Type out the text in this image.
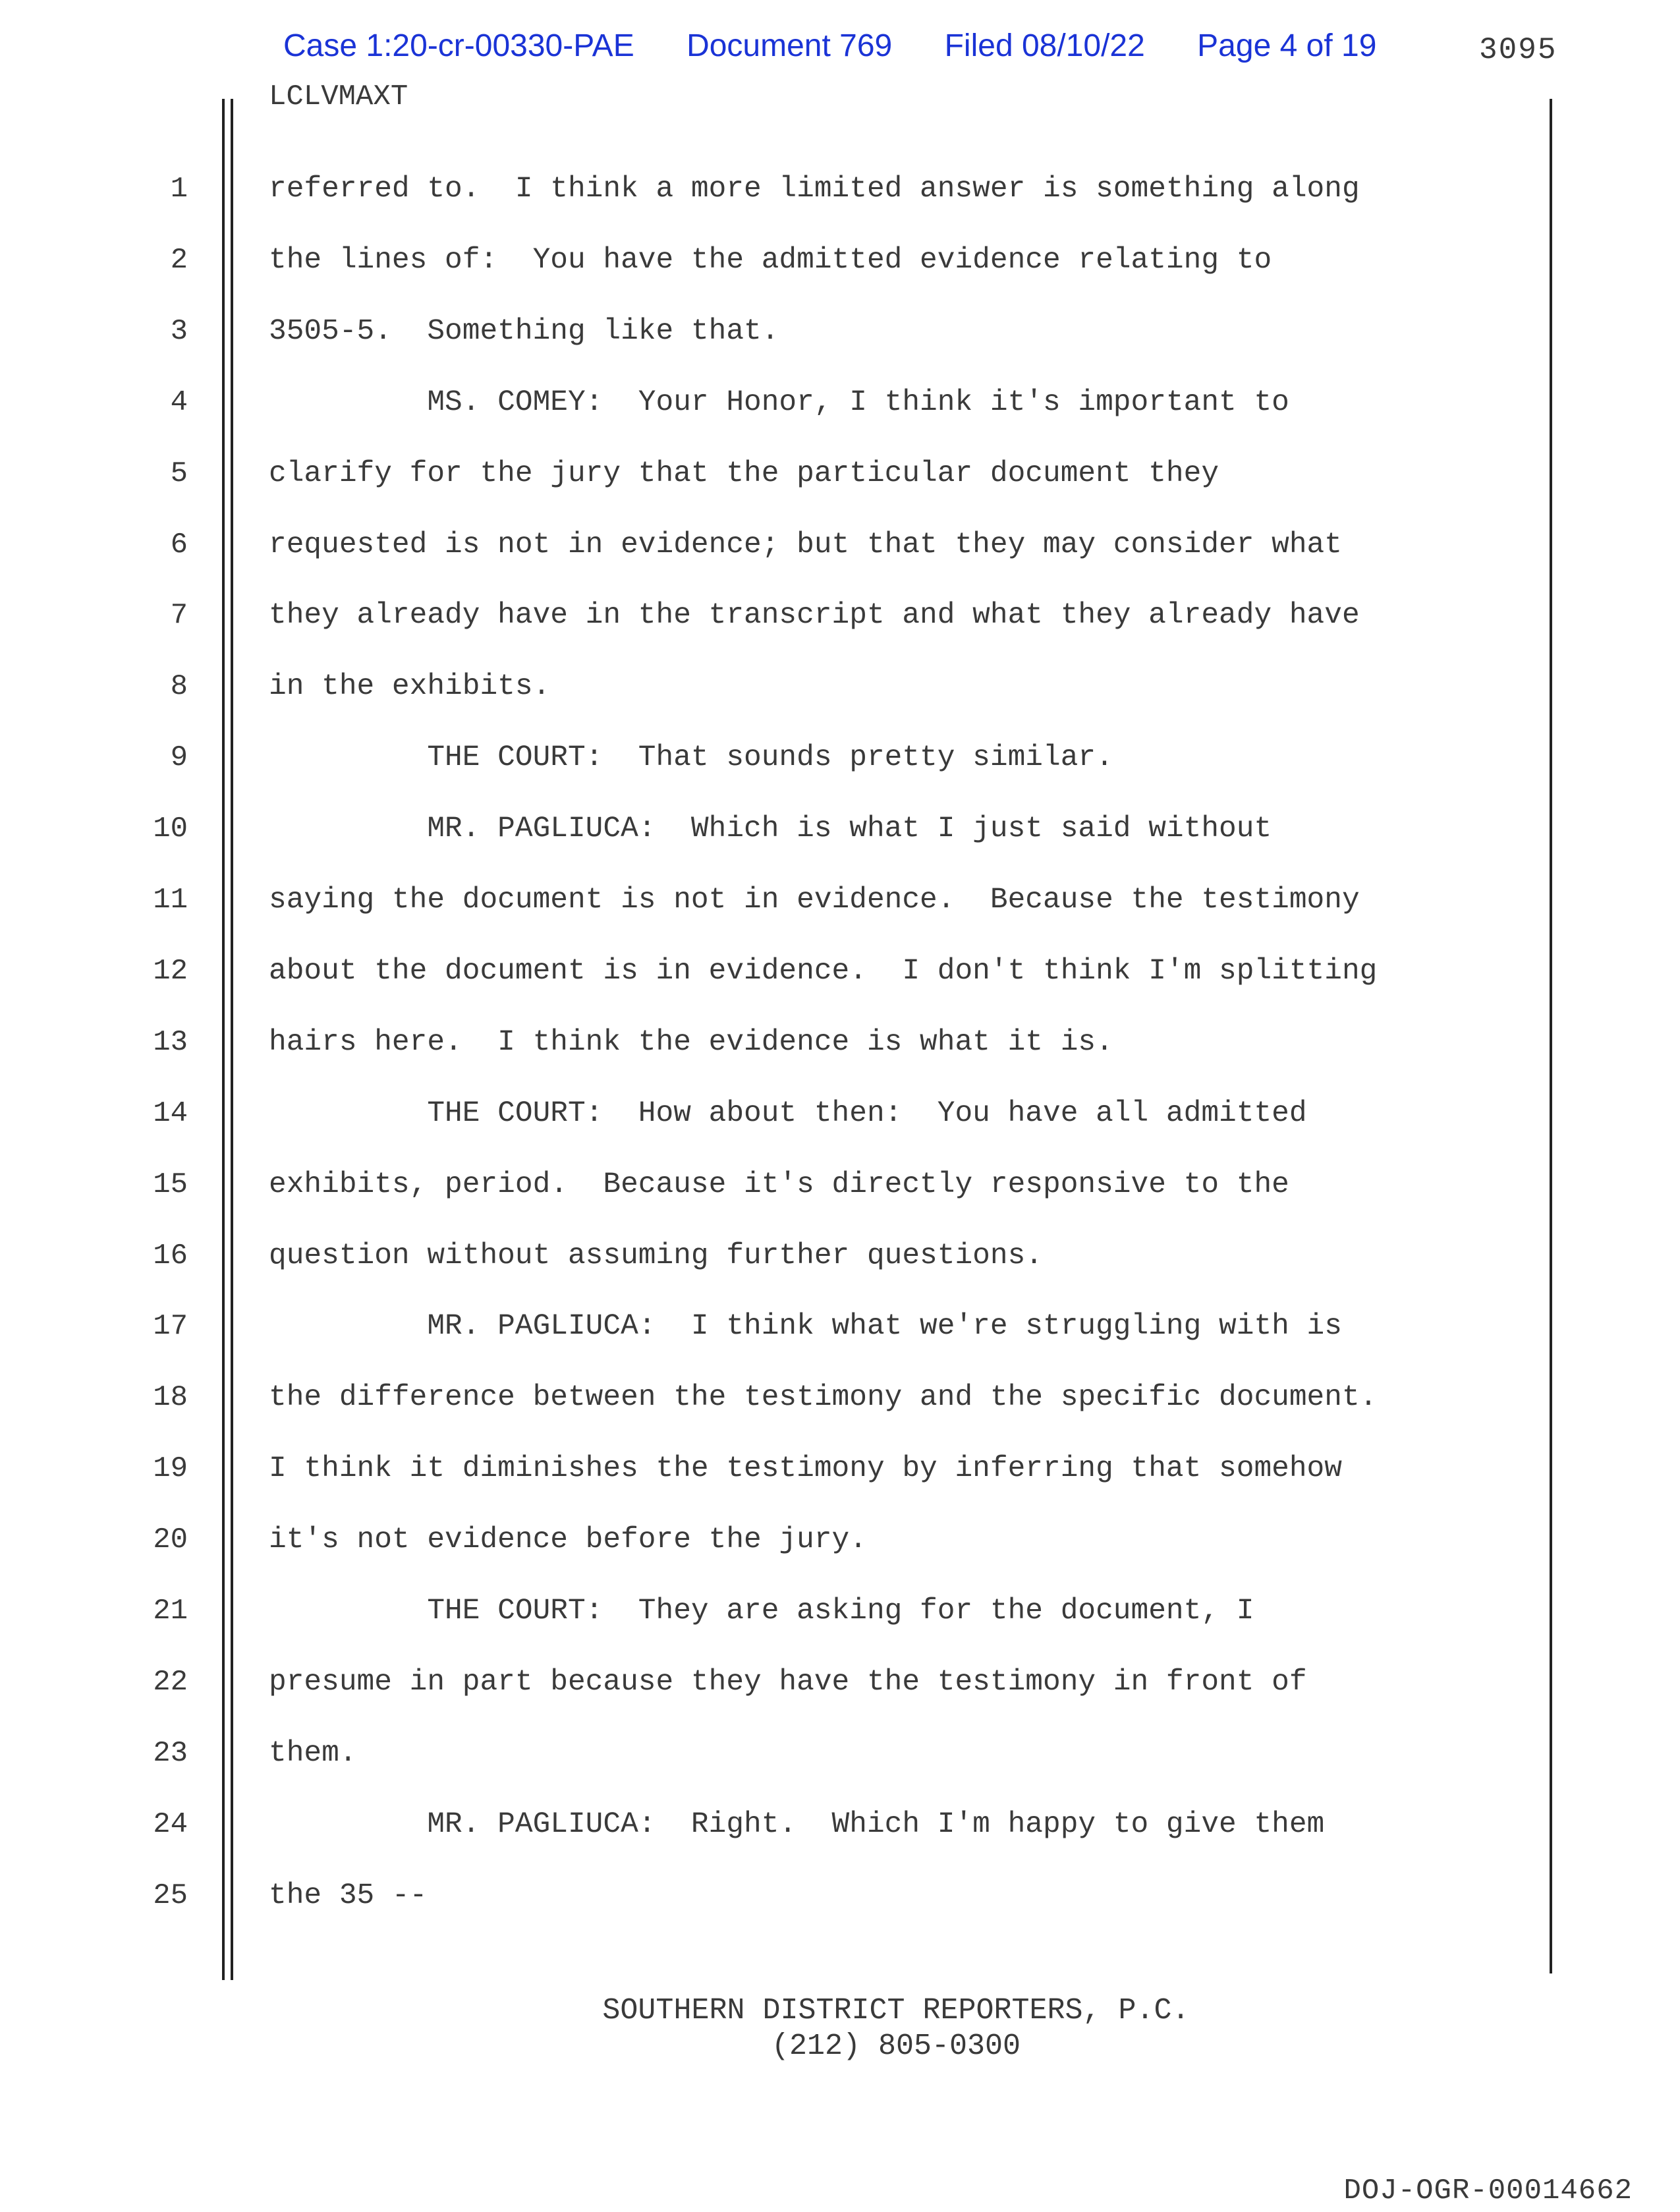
Case 1:20-cr-00330-PAE Document 769 Filed 08/10/22 Page 4 of 19	3095
LCLVMAXT
1	referred to.  I think a more limited answer is something along
2	the lines of:  You have the admitted evidence relating to
3	3505-5.  Something like that.
4	MS. COMEY:  Your Honor, I think it's important to
5	clarify for the jury that the particular document they
6	requested is not in evidence; but that they may consider what
7	they already have in the transcript and what they already have
8	in the exhibits.
9	THE COURT:  That sounds pretty similar.
10	MR. PAGLIUCA:  Which is what I just said without
11	saying the document is not in evidence.  Because the testimony
12	about the document is in evidence.  I don't think I'm splitting
13	hairs here.  I think the evidence is what it is.
14	THE COURT:  How about then:  You have all admitted
15	exhibits, period.  Because it's directly responsive to the
16	question without assuming further questions.
17	MR. PAGLIUCA:  I think what we're struggling with is
18	the difference between the testimony and the specific document.
19	I think it diminishes the testimony by inferring that somehow
20	it's not evidence before the jury.
21	THE COURT:  They are asking for the document, I
22	presume in part because they have the testimony in front of
23	them.
24	MR. PAGLIUCA:  Right.  Which I'm happy to give them
25	the 35 --
SOUTHERN DISTRICT REPORTERS, P.C.
(212) 805-0300
DOJ-OGR-00014662
